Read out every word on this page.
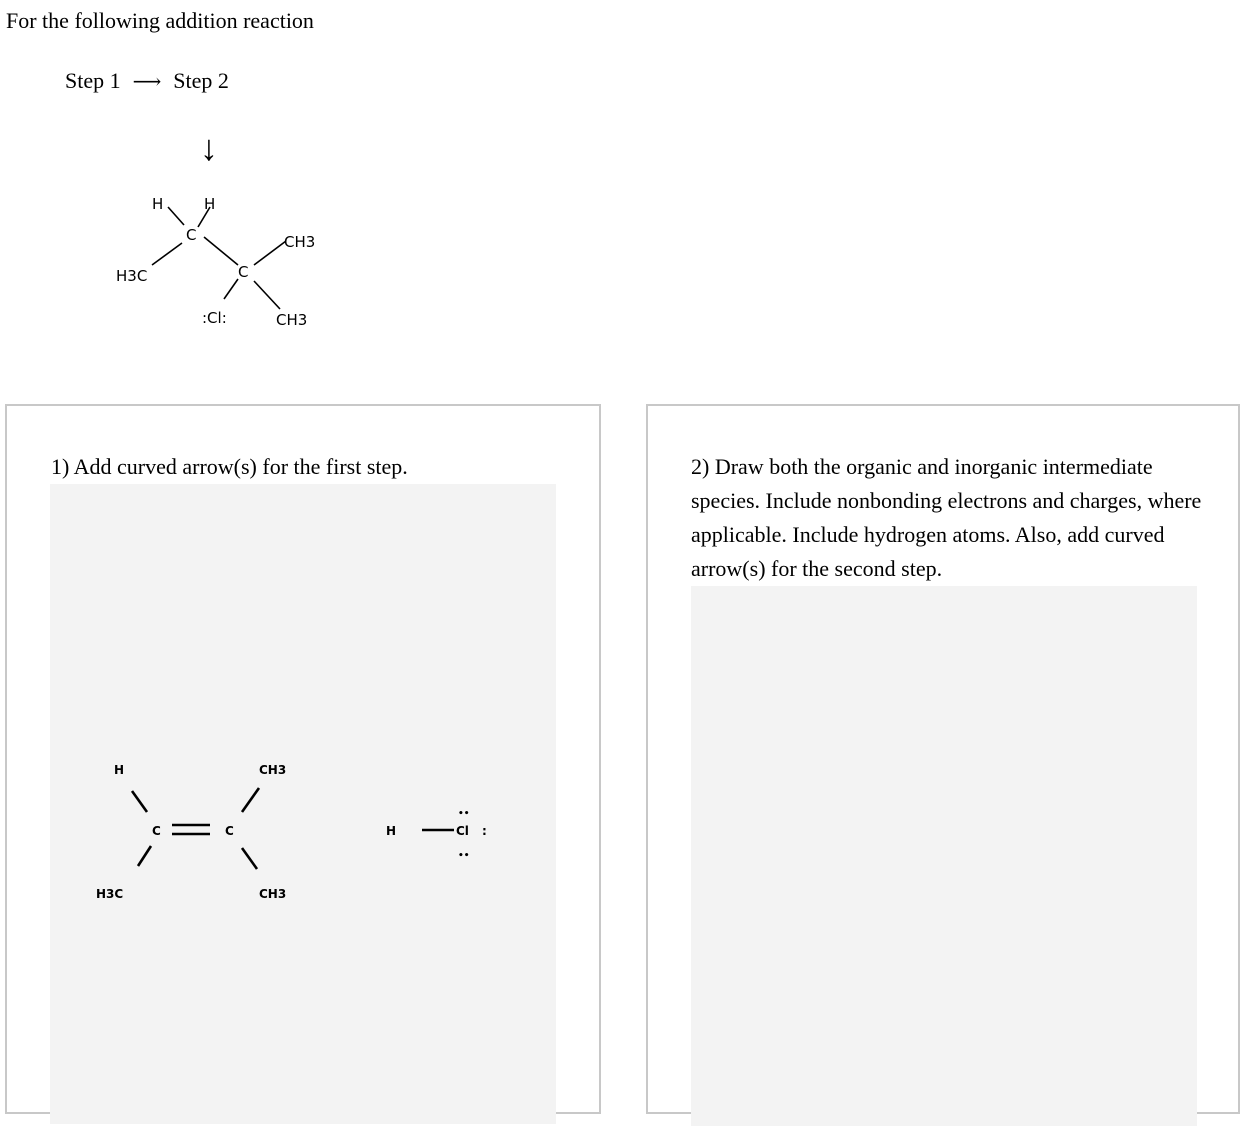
For the following addition reaction
Step 1 ⟶ Step 2
↓
H	H
C	CH3
H3C	C
:Cl:	CH3
1) Add curved arrow(s) for the first step.
H	CH3
C	C
H3C	CH3
H	Cl :
••
••
2) Draw both the organic and inorganic intermediate species. Include nonbonding electrons and charges, where applicable. Include hydrogen atoms. Also, add curved arrow(s) for the second step.
